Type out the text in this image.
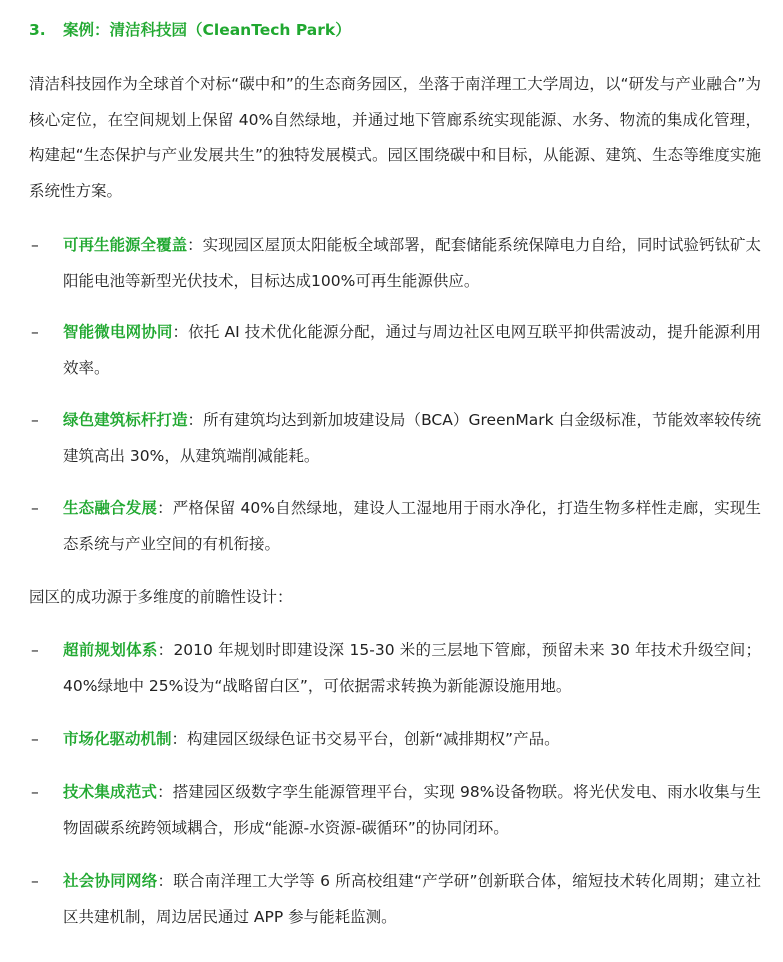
3. 案例：清洁科技园（CleanTech Park）
清洁科技园作为全球首个对标“碳中和”的生态商务园区，坐落于南洋理工大学周边，以“研发与产业融合”为核心定位，在空间规划上保留 40%自然绿地，并通过地下管廊系统实现能源、水务、物流的集成化管理，构建起“生态保护与产业发展共生”的独特发展模式。园区围绕碳中和目标，从能源、建筑、生态等维度实施系统性方案。
–	可再生能源全覆盖：实现园区屋顶太阳能板全域部署，配套储能系统保障电力自给，同时试验钙钛矿太阳能电池等新型光伏技术，目标达成100%可再生能源供应。
–	智能微电网协同：依托 AI 技术优化能源分配，通过与周边社区电网互联平抑供需波动，提升能源利用效率。
–	绿色建筑标杆打造：所有建筑均达到新加坡建设局（BCA）GreenMark 白金级标准，节能效率较传统建筑高出 30%，从建筑端削减能耗。
–	生态融合发展：严格保留 40%自然绿地，建设人工湿地用于雨水净化，打造生物多样性走廊，实现生态系统与产业空间的有机衔接。
园区的成功源于多维度的前瞻性设计：
–	超前规划体系：2010 年规划时即建设深 15-30 米的三层地下管廊，预留未来 30 年技术升级空间；40%绿地中 25%设为“战略留白区”，可依据需求转换为新能源设施用地。
–	市场化驱动机制：构建园区级绿色证书交易平台，创新“减排期权”产品。
–	技术集成范式：搭建园区级数字孪生能源管理平台，实现 98%设备物联。将光伏发电、雨水收集与生物固碳系统跨领域耦合，形成“能源-水资源-碳循环”的协同闭环。
–	社会协同网络：联合南洋理工大学等 6 所高校组建“产学研”创新联合体，缩短技术转化周期；建立社区共建机制，周边居民通过 APP 参与能耗监测。
